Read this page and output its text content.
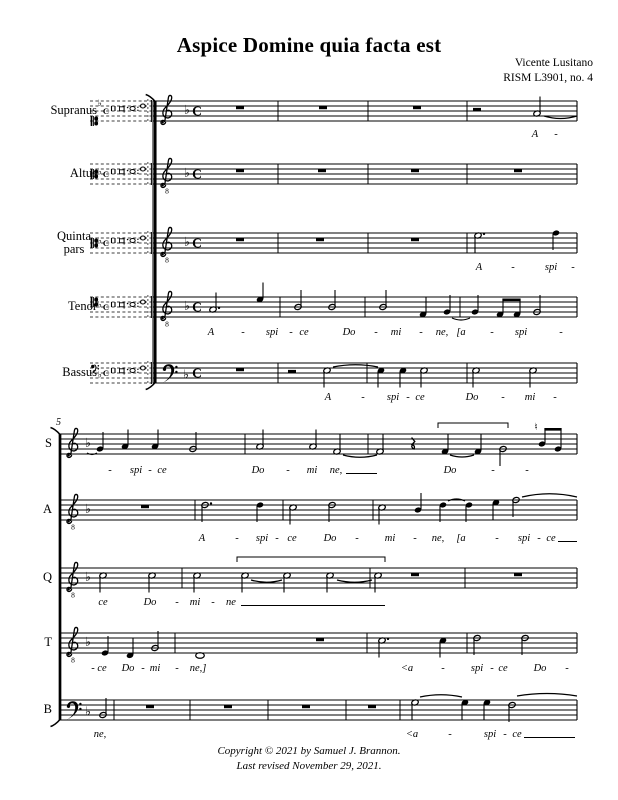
♭ C
♭
C
8
♭ C
♭ C
8
♭ C
♭ C
8
♭ C
♭ C
♭ C
♭ C
♭
♮
8
♭
8
♭
8
♭
♭
Aspice Domine quia facta est
Vicente Lusitano
RISM L3901, no. 4
5
Supranus
Altus
Quinta pars
Tenor
Bassus
S
A
Q
T
B
A -
A	-	spi -
A	- spi - ce	Do - mi - ne, [a - spi	-
A	- spi - ce	Do - mi -
- spi - ce	Do - mi ne,	Do	-	-
A	- spi - ce	Do - mi - ne, [a	- spi - ce
ce	Do - mi - ne
- ce Do - mi - ne,]	<a	- spi - ce Do -
ne,	<a	-	spi - ce
Copyright © 2021 by Samuel J. Brannon.
Last revised November 29, 2021.
